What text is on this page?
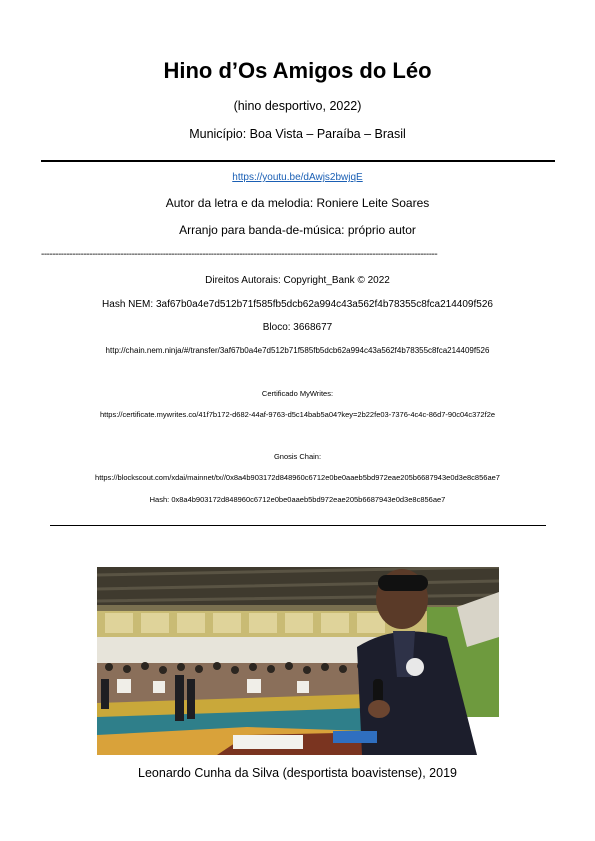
Hino d’Os Amigos do Léo
(hino desportivo, 2022)
Município: Boa Vista – Paraíba – Brasil
https://youtu.be/dAwjs2bwjqE
Autor da letra e da melodia: Roniere Leite Soares
Arranjo para banda-de-música: próprio autor
--------------------------------------------------------------------------------------------------------------------------------------------
Direitos Autorais: Copyright_Bank © 2022
Hash NEM: 3af67b0a4e7d512b71f585fb5dcb62a994c43a562f4b78355c8fca214409f526
Bloco: 3668677
http://chain.nem.ninja/#/transfer/3af67b0a4e7d512b71f585fb5dcb62a994c43a562f4b78355c8fca214409f526
Certificado MyWrites:
https://certificate.mywrites.co/41f7b172-d682-44af-9763-d5c14bab5a04?key=2b22fe03-7376-4c4c-86d7-90c04c372f2e
Gnosis Chain:
https://blockscout.com/xdai/mainnet/tx//0x8a4b903172d848960c6712e0be0aaeb5bd972eae205b6687943e0d3e8c856ae7
Hash: 0x8a4b903172d848960c6712e0be0aaeb5bd972eae205b6687943e0d3e8c856ae7
Leonardo Cunha da Silva (desportista boavistense), 2019
